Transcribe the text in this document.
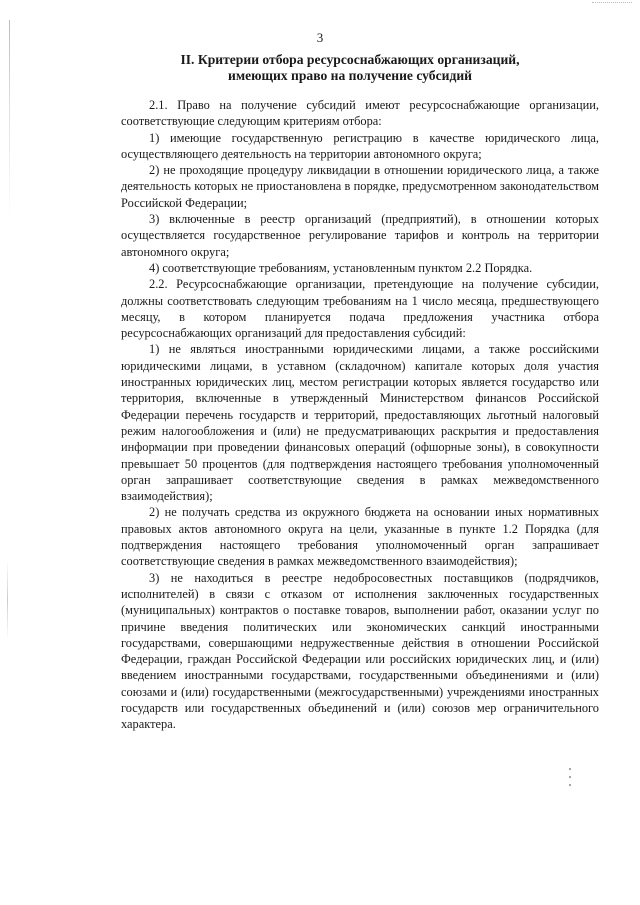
3
II. Критерии отбора ресурсоснабжающих организаций,
имеющих право на получение субсидий

2.1. Право на получение субсидий имеют ресурсоснабжающие организации, соответствующие следующим критериям отбора:

1) имеющие государственную регистрацию в качестве юридического лица, осуществляющего деятельность на территории автономного округа;

2) не проходящие процедуру ликвидации в отношении юридического лица, а также деятельность которых не приостановлена в порядке, предусмотренном законодательством Российской Федерации;

3) включенные в реестр организаций (предприятий), в отношении которых осуществляется государственное регулирование тарифов и контроль на территории автономного округа;

4) соответствующие требованиям, установленным пунктом 2.2 Порядка.

2.2. Ресурсоснабжающие организации, претендующие на получение субсидии, должны соответствовать следующим требованиям на 1 число месяца, предшествующего месяцу, в котором планируется подача предложения участника отбора ресурсоснабжающих организаций для предоставления субсидий:

1) не являться иностранными юридическими лицами, а также российскими юридическими лицами, в уставном (складочном) капитале которых доля участия иностранных юридических лиц, местом регистрации которых является государство или территория, включенные в утвержденный Министерством финансов Российской Федерации перечень государств и территорий, предоставляющих льготный налоговый режим налогообложения и (или) не предусматривающих раскрытия и предоставления информации при проведении финансовых операций (офшорные зоны), в совокупности превышает 50 процентов (для подтверждения настоящего требования уполномоченный орган запрашивает соответствующие сведения в рамках межведомственного взаимодействия);

2) не получать средства из окружного бюджета на основании иных нормативных правовых актов автономного округа на цели, указанные в пункте 1.2 Порядка (для подтверждения настоящего требования уполномоченный орган запрашивает соответствующие сведения в рамках межведомственного взаимодействия);

3) не находиться в реестре недобросовестных поставщиков (подрядчиков, исполнителей) в связи с отказом от исполнения заключенных государственных (муниципальных) контрактов о поставке товаров, выполнении работ, оказании услуг по причине введения политических или экономических санкций иностранными государствами, совершающими недружественные действия в отношении Российской Федерации, граждан Российской Федерации или российских юридических лиц, и (или) введением иностранными государствами, государственными объединениями и (или) союзами и (или) государственными (межгосударственными) учреждениями иностранных государств или государственных объединений и (или) союзов мер ограничительного характера.
